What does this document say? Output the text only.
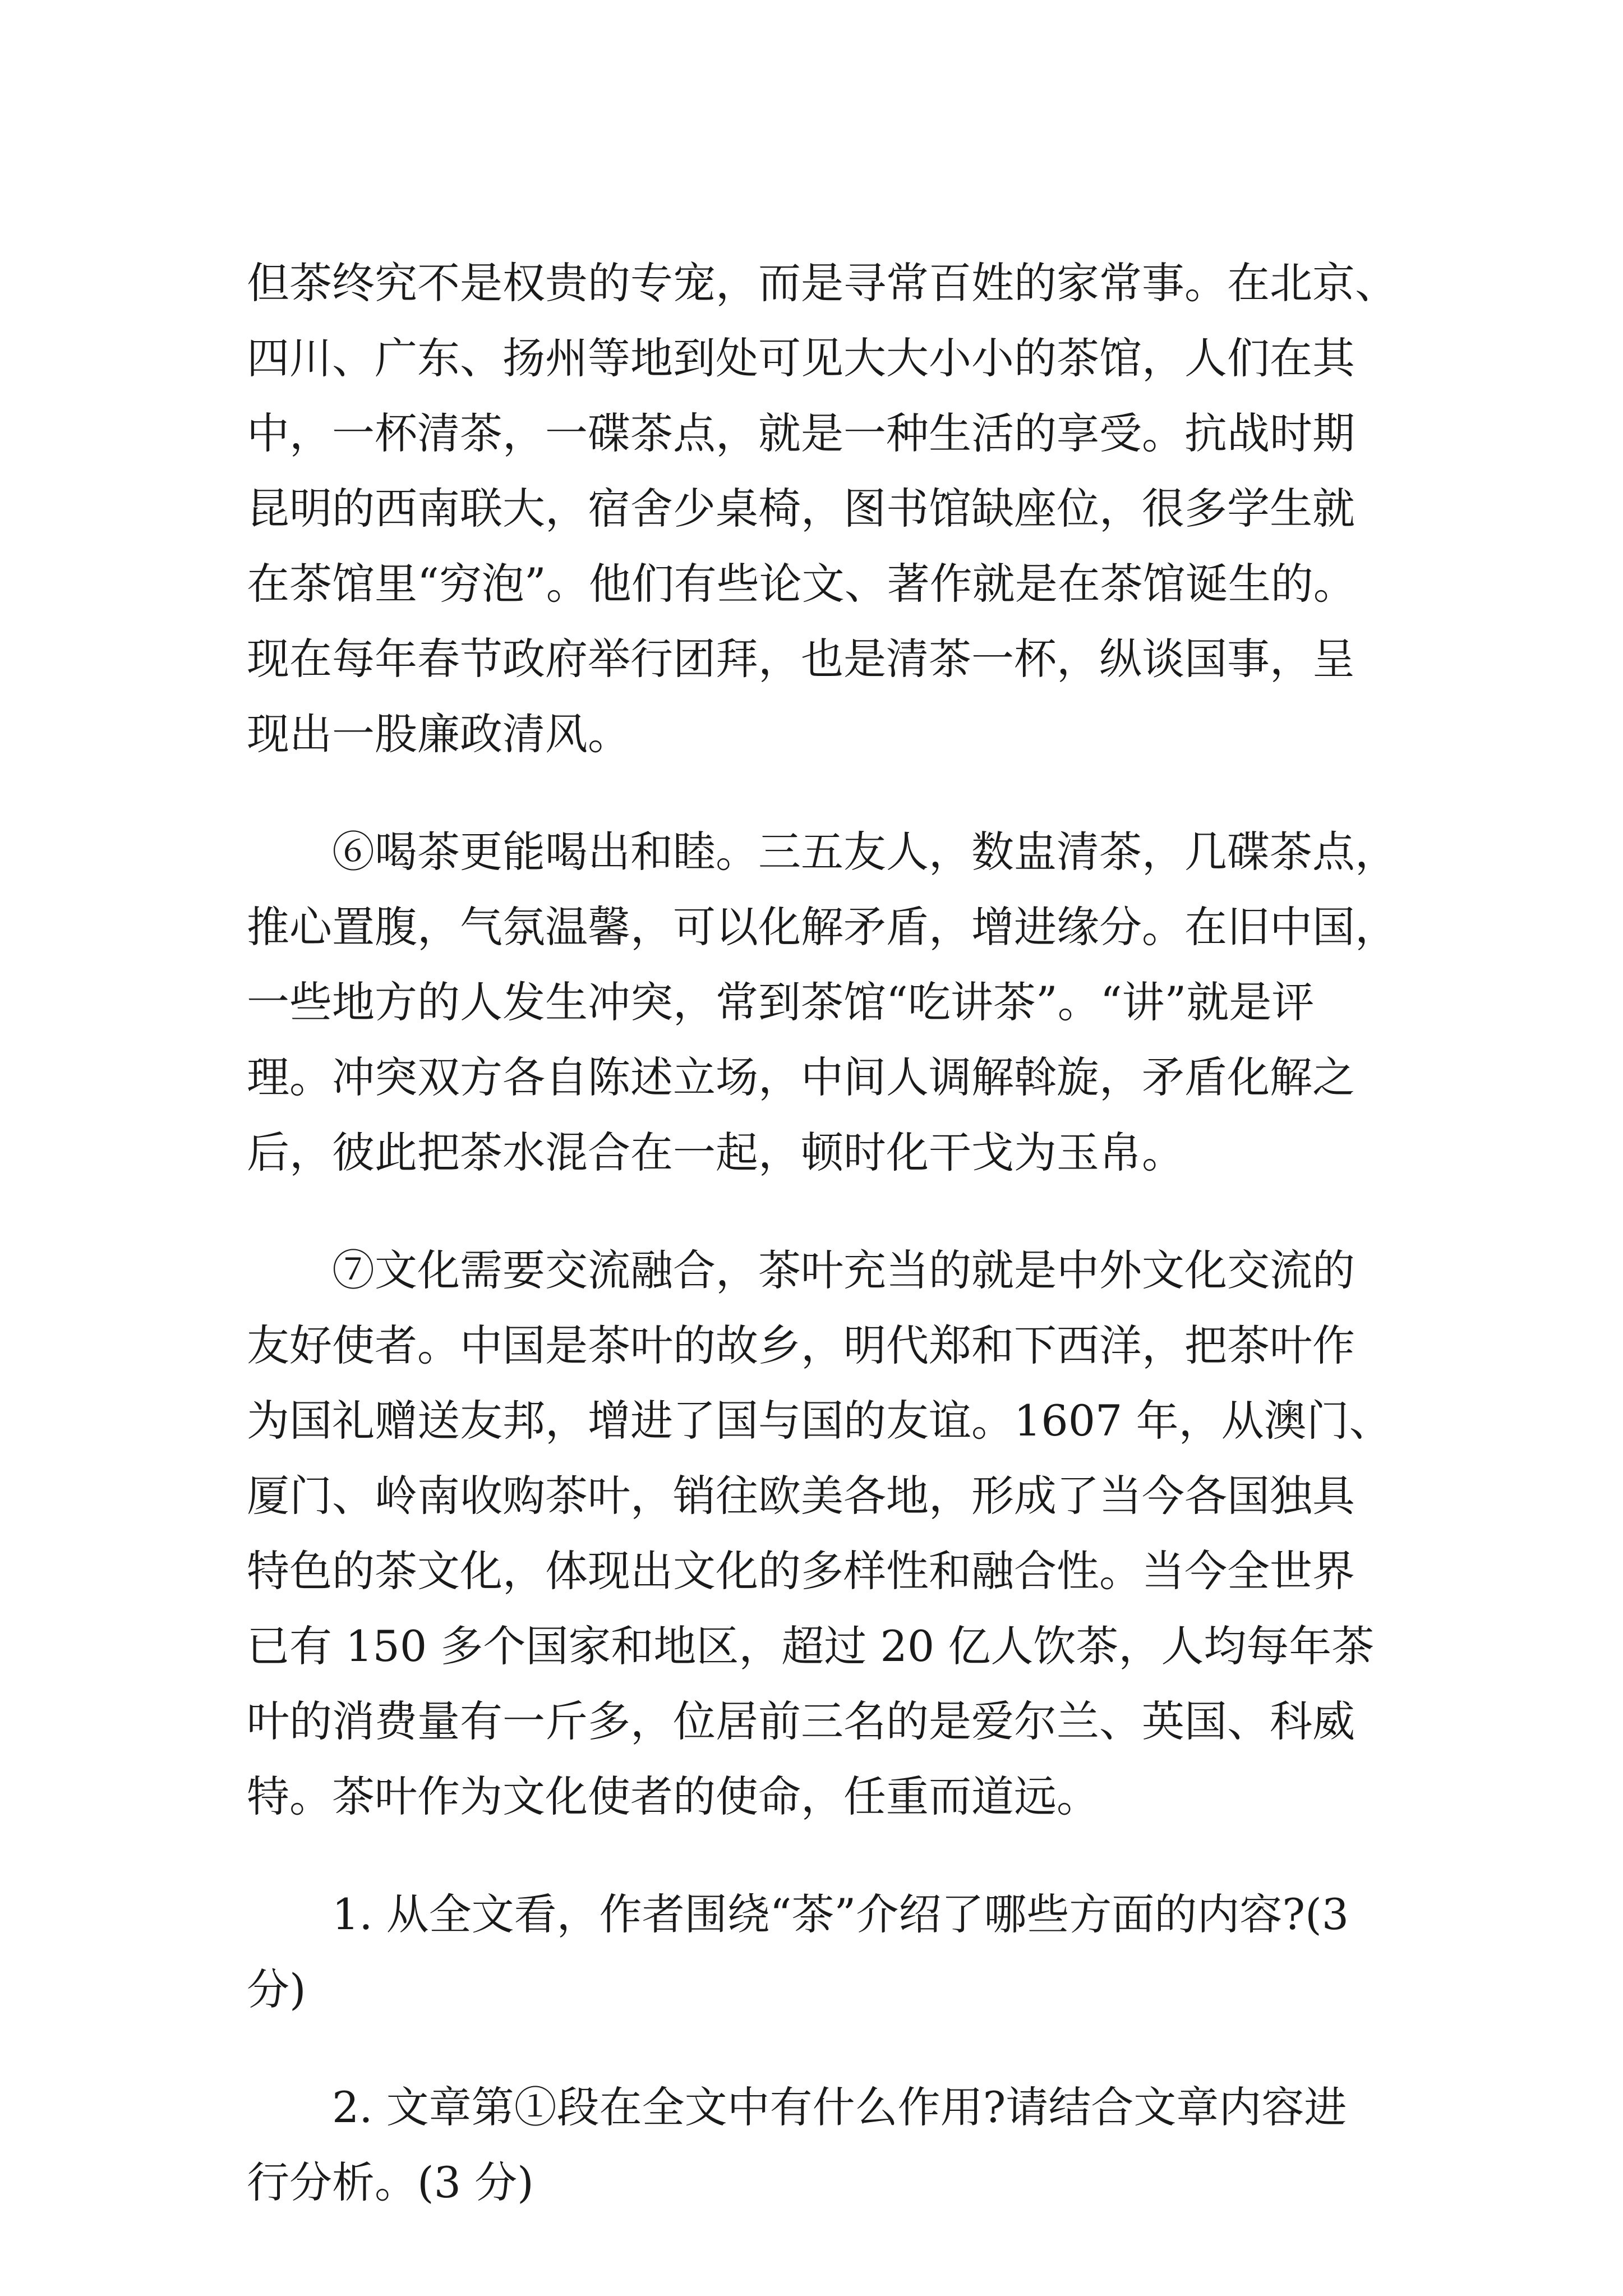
但茶终究不是权贵的专宠，而是寻常百姓的家常事。在北京、
四川、广东、扬州等地到处可见大大小小的茶馆，人们在其
中，一杯清茶，一碟茶点，就是一种生活的享受。抗战时期
昆明的西南联大，宿舍少桌椅，图书馆缺座位，很多学生就
在茶馆里“穷泡”。他们有些论文、著作就是在茶馆诞生的。
现在每年春节政府举行团拜，也是清茶一杯，纵谈国事，呈
现出一股廉政清风。

⑥喝茶更能喝出和睦。三五友人，数盅清茶，几碟茶点，
推心置腹，气氛温馨，可以化解矛盾，增进缘分。在旧中国，
一些地方的人发生冲突，常到茶馆“吃讲茶”。“讲”就是评
理。冲突双方各自陈述立场，中间人调解斡旋，矛盾化解之
后，彼此把茶水混合在一起，顿时化干戈为玉帛。

⑦文化需要交流融合，茶叶充当的就是中外文化交流的
友好使者。中国是茶叶的故乡，明代郑和下西洋，把茶叶作
为国礼赠送友邦，增进了国与国的友谊。1607 年，从澳门、
厦门、岭南收购茶叶，销往欧美各地，形成了当今各国独具
特色的茶文化，体现出文化的多样性和融合性。当今全世界
已有 150 多个国家和地区，超过 20 亿人饮茶，人均每年茶
叶的消费量有一斤多，位居前三名的是爱尔兰、英国、科威
特。茶叶作为文化使者的使命，任重而道远。

1. 从全文看，作者围绕“茶”介绍了哪些方面的内容?(3
分)

2. 文章第①段在全文中有什么作用?请结合文章内容进
行分析。(3 分)
